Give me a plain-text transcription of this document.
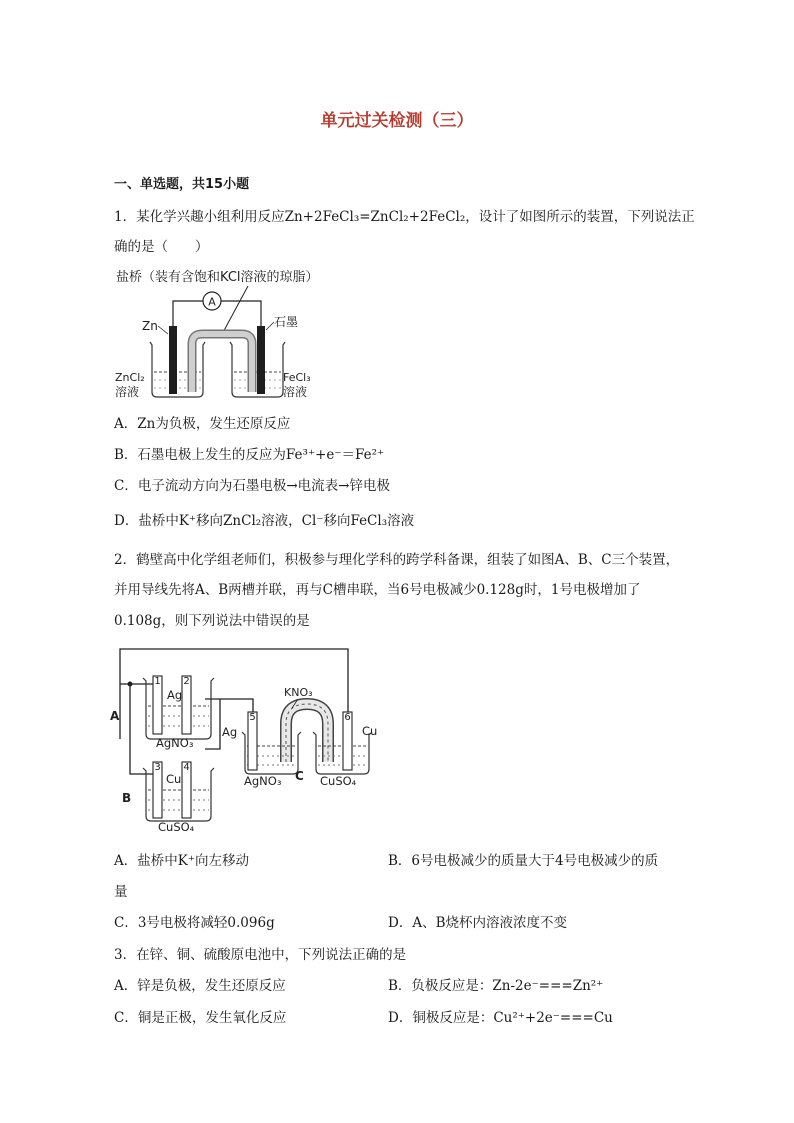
单元过关检测（三）
一、单选题，共15小题
1．某化学兴趣小组利用反应Zn+2FeCl₃=ZnCl₂+2FeCl₂，设计了如图所示的装置，下列说法正
确的是（　　）
盐桥（装有含饱和KCl溶液的琼脂）
A
Zn	石墨
ZnCl₂
溶液
FeCl₃
溶液
A．Zn为负极，发生还原反应
B．石墨电极上发生的反应为Fe³⁺+e⁻＝Fe²⁺
C．电子流动方向为石墨电极→电流表→锌电极
D．盐桥中K⁺移向ZnCl₂溶液，Cl⁻移向FeCl₃溶液
2．鹤壁高中化学组老师们，积极参与理化学科的跨学科备课，组装了如图A、B、C三个装置，
并用导线先将A、B两槽并联，再与C槽串联，当6号电极减少0.128g时，1号电极增加了
0.108g，则下列说法中错误的是
1 2
Ag
AgNO₃
A
3 4
Cu
CuSO₄
B
KNO₃
5
Ag
AgNO₃
6
Cu
CuSO₄
C
A．盐桥中K⁺向左移动	B．6号电极减少的质量大于4号电极减少的质
量
C．3号电极将减轻0.096g	D．A、B烧杯内溶液浓度不变
3．在锌、铜、硫酸原电池中，下列说法正确的是
A．锌是负极，发生还原反应	B．负极反应是：Zn-2e⁻===Zn²⁺
C．铜是正极，发生氧化反应	D．铜极反应是：Cu²⁺+2e⁻===Cu
